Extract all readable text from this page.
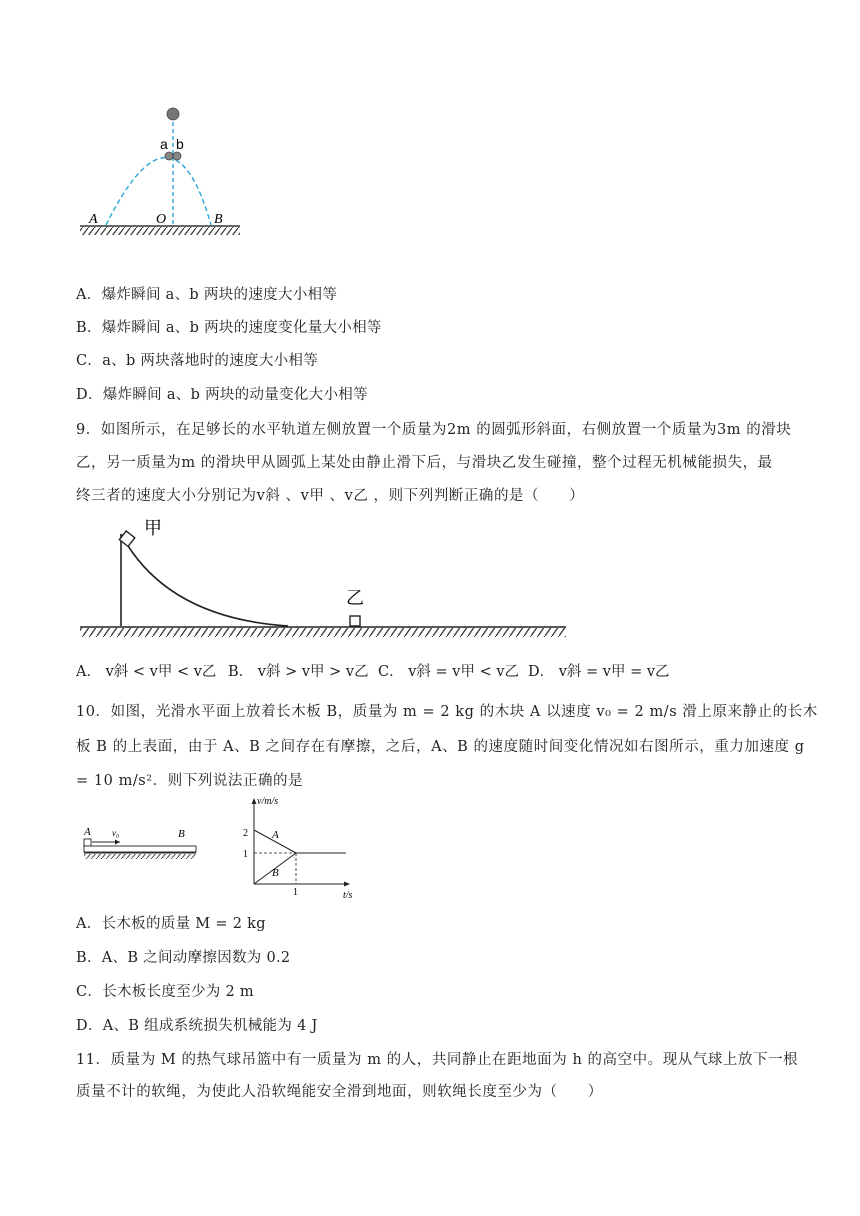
a b
A	O	B
A．爆炸瞬间 a、b 两块的速度大小相等
B．爆炸瞬间 a、b 两块的速度变化量大小相等
C．a、b 两块落地时的速度大小相等
D．爆炸瞬间 a、b 两块的动量变化大小相等
9．如图所示，在足够长的水平轨道左侧放置一个质量为2m 的圆弧形斜面，右侧放置一个质量为3m 的滑块
乙，另一质量为m 的滑块甲从圆弧上某处由静止滑下后，与滑块乙发生碰撞，整个过程无机械能损失，最
终三者的速度大小分别记为v斜 、v甲 、v乙 ，则下列判断正确的是（　　）
甲
乙
A． v斜 < v甲 < v乙 B． v斜 > v甲 > v乙 C． v斜 = v甲 < v乙 D． v斜 = v甲 = v乙
10．如图，光滑水平面上放着长木板 B，质量为 m = 2 kg 的木块 A 以速度 v₀ = 2 m/s 滑上原来静止的长木
板 B 的上表面，由于 A、B 之间存在有摩擦，之后，A、B 的速度随时间变化情况如右图所示，重力加速度 g
= 10 m/s²．则下列说法正确的是
A v₀	B
v/m/s
t/s
2
1
1
A
B
A．长木板的质量 M = 2 kg
B．A、B 之间动摩擦因数为 0.2
C．长木板长度至少为 2 m
D．A、B 组成系统损失机械能为 4 J
11．质量为 M 的热气球吊篮中有一质量为 m 的人，共同静止在距地面为 h 的高空中。现从气球上放下一根
质量不计的软绳，为使此人沿软绳能安全滑到地面，则软绳长度至少为（　　）
